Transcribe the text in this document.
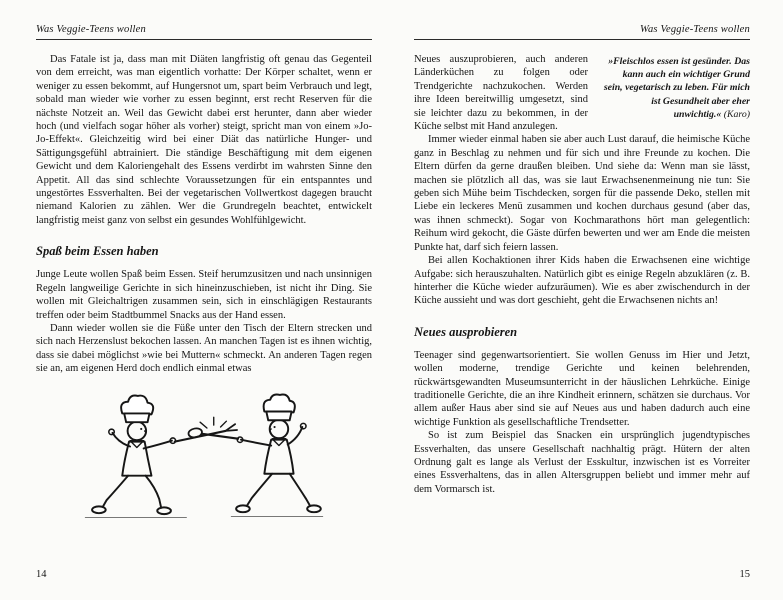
Was Veggie-Teens wollen

Das Fatale ist ja, dass man mit Diäten langfristig oft genau das Gegenteil von dem erreicht, was man eigentlich vorhatte: Der Körper schaltet, wenn er weniger zu essen bekommt, auf Hungersnot um, spart beim Verbrauch und legt, sobald man wieder wie vorher zu essen beginnt, erst recht Reserven für die nächste Notzeit an. Weil das Gewicht dabei erst herunter, dann aber wieder hoch (und vielfach sogar höher als vorher) steigt, spricht man von einem »Jo-Jo-Effekt«. Gleichzeitig wird bei einer Diät das natürliche Hunger- und Sättigungsgefühl abtrainiert. Die ständige Beschäftigung mit dem eigenen Gewicht und dem Kaloriengehalt des Essens verdirbt im wahrsten Sinne den Appetit. All das sind schlechte Voraussetzungen für ein entspanntes und ungestörtes Essverhalten. Bei der vegetarischen Vollwertkost dagegen braucht niemand Kalorien zu zählen. Wer die Grundregeln beachtet, entwickelt langfristig meist ganz von selbst ein gesundes Wohlfühlgewicht.

Spaß beim Essen haben

Junge Leute wollen Spaß beim Essen. Steif herumzusitzen und nach unsinnigen Regeln langweilige Gerichte in sich hineinzuschieben, ist nicht ihr Ding. Sie wollen mit Gleichaltrigen zusammen sein, sich in einschlägigen Restaurants treffen oder beim Stadtbummel Snacks aus der Hand essen.

Dann wieder wollen sie die Füße unter den Tisch der Eltern strecken und sich nach Herzenslust bekochen lassen. An manchen Tagen ist es ihnen wichtig, dass sie dabei möglichst »wie bei Muttern« schmeckt. An anderen Tagen regen sie an, am eigenen Herd doch endlich einmal etwas

14
Was Veggie-Teens wollen
»Fleischlos essen ist gesünder. Das kann auch ein wichtiger Grund sein, vegetarisch zu leben. Für mich ist Gesundheit aber eher unwichtig.« (Karo)

Neues auszuprobieren, auch anderen Länderküchen zu folgen oder Trendgerichte nachzukochen. Werden ihre Ideen bereitwillig umgesetzt, sind sie leichter dazu zu bekommen, in der Küche selbst mit Hand anzulegen.

Immer wieder einmal haben sie aber auch Lust darauf, die heimische Küche ganz in Beschlag zu nehmen und für sich und ihre Freunde zu kochen. Die Eltern dürfen da gerne draußen bleiben. Und siehe da: Wenn man sie lässt, machen sie plötzlich all das, was sie laut Erwachsenenmeinung nie tun: Sie geben sich Mühe beim Tischdecken, sorgen für die passende Deko, stellen mit Liebe ein leckeres Menü zusammen und kochen durchaus gesund (aber das, was ihnen schmeckt). Sogar von Kochmarathons hört man gelegentlich: Reihum wird gekocht, die Gäste dürfen bewerten und wer am Ende die meisten Punkte hat, darf sich feiern lassen.

Bei allen Kochaktionen ihrer Kids haben die Erwachsenen eine wichtige Aufgabe: sich herauszuhalten. Natürlich gibt es einige Regeln abzuklären (z. B. hinterher die Küche wieder aufzuräumen). Wie es aber zwischendurch in der Küche aussieht und was dort geschieht, geht die Erwachsenen nichts an!

Neues ausprobieren

Teenager sind gegenwartsorientiert. Sie wollen Genuss im Hier und Jetzt, wollen moderne, trendige Gerichte und keinen belehrenden, rückwärtsgewandten Museumsunterricht in der häuslichen Lehrküche. Einige traditionelle Gerichte, die an ihre Kindheit erinnern, schätzen sie durchaus. Vor allem außer Haus aber sind sie auf Neues aus und haben dadurch auch eine wichtige Funktion als gesellschaftliche Trendsetter.

So ist zum Beispiel das Snacken ein ursprünglich jugendtypisches Essverhalten, das unsere Gesellschaft nachhaltig prägt. Hütern der alten Ordnung galt es lange als Verlust der Esskultur, inzwischen ist es Vorreiter eines Essverhaltens, das in allen Altersgruppen beliebt und immer mehr auf dem Vormarsch ist.

15
